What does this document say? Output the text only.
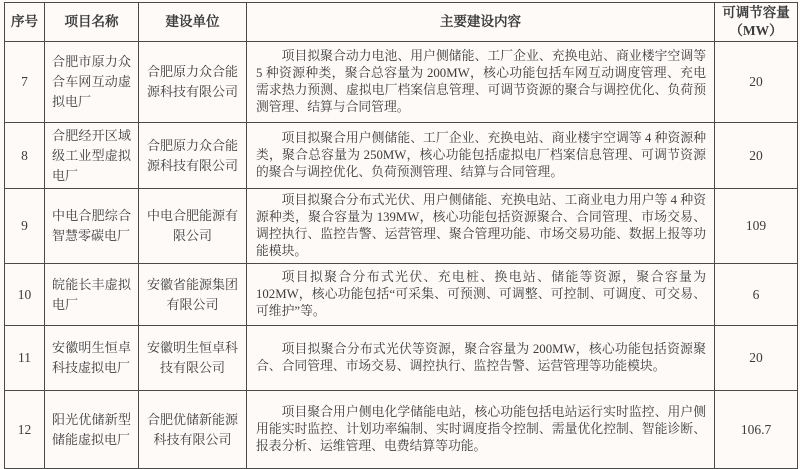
序号	项目名称	建设单位	主要建设内容	可调节容量（MW）
7	合肥市原力众合车网互动虚拟电厂	合肥原力众合能源科技有限公司	项目拟聚合动力电池、用户侧储能、工厂企业、充换电站、商业楼宇空调等 5 种资源种类，聚合总容量为 200MW，核心功能包括车网互动调度管理、充电需求热力预测、虚拟电厂档案信息管理、可调节资源的聚合与调控优化、负荷预测管理、结算与合同管理。	20
8	合肥经开区域级工业型虚拟电厂	合肥原力众合能源科技有限公司	项目拟聚合用户侧储能、工厂企业、充换电站、商业楼宇空调等 4 种资源种类，聚合总容量为 250MW，核心功能包括虚拟电厂档案信息管理、可调节资源的聚合与调控优化、负荷预测管理、结算与合同管理。	20
9	中电合肥综合智慧零碳电厂	中电合肥能源有限公司	项目拟聚合分布式光伏、用户侧储能、充换电站、工商业电力用户等 4 种资源种类，聚合容量为 139MW，核心功能包括资源聚合、合同管理、市场交易、调控执行、监控告警、运营管理、聚合管理功能、市场交易功能、数据上报等功能模块。	109
10	皖能长丰虚拟电厂	安徽省能源集团有限公司	项目拟聚合分布式光伏、充电桩、换电站、储能等资源，聚合容量为 102MW，核心功能包括“可采集、可预测、可调整、可控制、可调度、可交易、可维护”等。	6
11	安徽明生恒卓科技虚拟电厂	安徽明生恒卓科技有限公司	项目拟聚合分布式光伏等资源，聚合容量为 200MW，核心功能包括资源聚合、合同管理、市场交易、调控执行、监控告警、运营管理等功能模块。	20
12	阳光优储新型储能虚拟电厂	合肥优储新能源科技有限公司	项目聚合用户侧电化学储能电站，核心功能包括电站运行实时监控、用户侧用能实时监控、计划功率编制、实时调度指令控制、需量优化控制、智能诊断、报表分析、运维管理、电费结算等功能。	106.7
